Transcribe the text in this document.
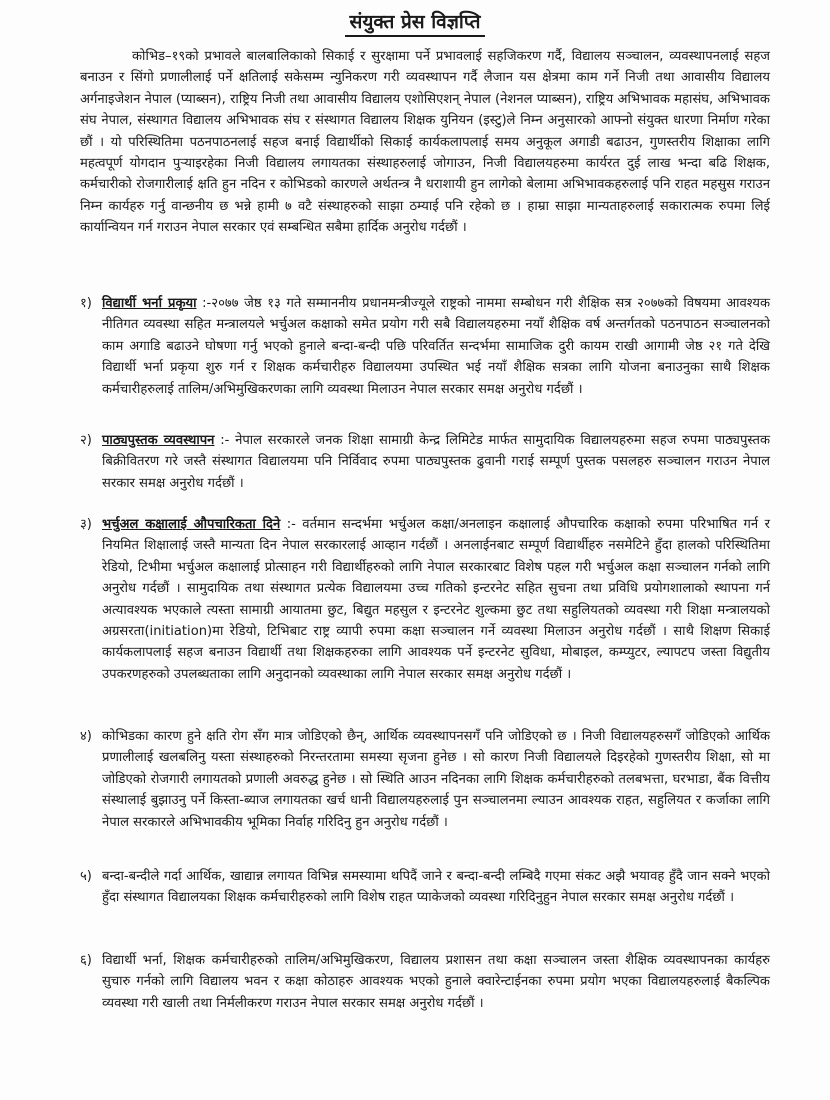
संयुक्त प्रेस विज्ञप्ति

कोभिड–१९को प्रभावले बालबालिकाको सिकाई र सुरक्षामा पर्ने प्रभावलाई सहजिकरण गर्दै, विद्यालय सञ्चालन, व्यवस्थापनलाई सहज बनाउन र सिंगो प्रणालीलाई पर्ने क्षतिलाई सकेसम्म न्युनिकरण गरी व्यवस्थापन गर्दै लैजान यस क्षेत्रमा काम गर्ने निजी तथा आवासीय विद्यालय अर्गनाइजेशन नेपाल (प्याब्सन), राष्ट्रिय निजी तथा आवासीय विद्यालय एशोसिएशन् नेपाल (नेशनल प्याब्सन), राष्ट्रिय अभिभावक महासंघ, अभिभावक संघ नेपाल, संस्थागत विद्यालय अभिभावक संघ र संस्थागत विद्यालय शिक्षक युनियन (इस्टु)ले निम्न अनुसारको आफ्नो संयुक्त धारणा निर्माण गरेका छौं । यो परिस्थितिमा पठनपाठनलाई सहज बनाई विद्यार्थीको सिकाई कार्यकलापलाई समय अनुकूल अगाडी बढाउन, गुणस्तरीय शिक्षाका लागि महत्वपूर्ण योगदान पुऱ्याइरहेका निजी विद्यालय लगायतका संस्थाहरुलाई जोगाउन, निजी विद्यालयहरुमा कार्यरत दुई लाख भन्दा बढि शिक्षक, कर्मचारीको रोजगारीलाई क्षति हुन नदिन र कोभिडको कारणले अर्थतन्त्र नै धराशायी हुन लागेको बेलामा अभिभावकहरुलाई पनि राहत महसुस गराउन निम्न कार्यहरु गर्नु वान्छनीय छ भन्ने हामी ७ वटै संस्थाहरुको साझा ठम्याई पनि रहेको छ । हाम्रा साझा मान्यताहरुलाई सकारात्मक रुपमा लिई कार्यान्वियन गर्न गराउन नेपाल सरकार एवं सम्बन्धित सबैमा हार्दिक अनुरोध गर्दछौं ।

१) विद्यार्थी भर्ना प्रकृया :-२०७७ जेष्ठ १३ गते सम्माननीय प्रधानमन्त्रीज्यूले राष्ट्रको नाममा सम्बोधन गरी शैक्षिक सत्र २०७७को विषयमा आवश्यक नीतिगत व्यवस्था सहित मन्त्रालयले भर्चुअल कक्षाको समेत प्रयोग गरी सबै विद्यालयहरुमा नयाँ शैक्षिक वर्ष अन्तर्गतको पठनपाठन सञ्चालनको काम अगाडि बढाउने घोषणा गर्नु भएको हुनाले बन्दा-बन्दी पछि परिवर्तित सन्दर्भमा सामाजिक दुरी कायम राखी आगामी जेष्ठ २१ गते देखि विद्यार्थी भर्ना प्रकृया शुरु गर्न र शिक्षक कर्मचारीहरु विद्यालयमा उपस्थित भई नयाँ शैक्षिक सत्रका लागि योजना बनाउनुका साथै शिक्षक कर्मचारीहरुलाई तालिम/अभिमुखिकरणका लागि व्यवस्था मिलाउन नेपाल सरकार समक्ष अनुरोध गर्दछौं ।
२) पाठ्यपुस्तक व्यवस्थापन :- नेपाल सरकारले जनक शिक्षा सामाग्री केन्द्र लिमिटेड मार्फत सामुदायिक विद्यालयहरुमा सहज रुपमा पाठ्यपुस्तक बिक्रीवितरण गरे जस्तै संस्थागत विद्यालयमा पनि निर्विवाद रुपमा पाठ्यपुस्तक ढुवानी गराई सम्पूर्ण पुस्तक पसलहरु सञ्चालन गराउन नेपाल सरकार समक्ष अनुरोध गर्दछौं ।
३) भर्चुअल कक्षालाई औपचारिकता दिने :- वर्तमान सन्दर्भमा भर्चुअल कक्षा/अनलाइन कक्षालाई औपचारिक कक्षाको रुपमा परिभाषित गर्न र नियमित शिक्षालाई जस्तै मान्यता दिन नेपाल सरकारलाई आव्हान गर्दछौं । अनलाईनबाट सम्पूर्ण विद्यार्थीहरु नसमेटिने हुँदा हालको परिस्थितिमा रेडियो, टिभीमा भर्चुअल कक्षालाई प्रोत्साहन गरी विद्यार्थीहरुको लागि नेपाल सरकारबाट विशेष पहल गरी भर्चुअल कक्षा सञ्चालन गर्नको लागि अनुरोध गर्दछौं । सामुदायिक तथा संस्थागत प्रत्येक विद्यालयमा उच्च गतिको इन्टरनेट सहित सुचना तथा प्रविधि प्रयोगशालाको स्थापना गर्न अत्यावश्यक भएकाले त्यस्ता सामाग्री आयातमा छुट, बिद्युत महसुल र इन्टरनेट शुल्कमा छुट तथा सहुलियतको व्यवस्था गरी शिक्षा मन्त्रालयको अग्रसरता(initiation)मा रेडियो, टिभिबाट राष्ट्र व्यापी रुपमा कक्षा सञ्चालन गर्ने व्यवस्था मिलाउन अनुरोध गर्दछौं । साथै शिक्षण सिकाई कार्यकलापलाई सहज बनाउन विद्यार्थी तथा शिक्षकहरुका लागि आवश्यक पर्ने इन्टरनेट सुविधा, मोबाइल, कम्प्युटर, ल्यापटप जस्ता विद्युतीय उपकरणहरुको उपलब्धताका लागि अनुदानको व्यवस्थाका लागि नेपाल सरकार समक्ष अनुरोध गर्दछौं ।
४) कोभिडका कारण हुने क्षति रोग सँग मात्र जोडिएको छैन्, आर्थिक व्यवस्थापनसगँ पनि जोडिएको छ । निजी विद्यालयहरुसगँ जोडिएको आर्थिक प्रणालीलाई खलबलिनु यस्ता संस्थाहरुको निरन्तरतामा समस्या सृजना हुनेछ । सो कारण निजी विद्यालयले दिइरहेको गुणस्तरीय शिक्षा, सो मा जोडिएको रोजगारी लगायतको प्रणाली अवरुद्ध हुनेछ । सो स्थिति आउन नदिनका लागि शिक्षक कर्मचारीहरुको तलबभत्ता, घरभाडा, बैंक वित्तीय संस्थालाई बुझाउनु पर्ने किस्ता-ब्याज लगायतका खर्च धानी विद्यालयहरुलाई पुन सञ्चालनमा ल्याउन आवश्यक राहत, सहुलियत र कर्जाका लागि नेपाल सरकारले अभिभावकीय भूमिका निर्वाह गरिदिनु हुन अनुरोध गर्दछौं ।
५) बन्दा-बन्दीले गर्दा आर्थिक, खाद्यान्न लगायत विभिन्न समस्यामा थपिदैं जाने र बन्दा-बन्दी लम्बिदै गएमा संकट अझै भयावह हुँदै जान सक्ने भएको हुँदा संस्थागत विद्यालयका शिक्षक कर्मचारीहरुको लागि विशेष राहत प्याकेजको व्यवस्था गरिदिनुहुन नेपाल सरकार समक्ष अनुरोध गर्दछौं ।
६) विद्यार्थी भर्ना, शिक्षक कर्मचारीहरुको तालिम/अभिमुखिकरण, विद्यालय प्रशासन तथा कक्षा सञ्चालन जस्ता शैक्षिक व्यवस्थापनका कार्यहरु सुचारु गर्नको लागि विद्यालय भवन र कक्षा कोठाहरु आवश्यक भएको हुनाले क्वारेन्टाईनका रुपमा प्रयोग भएका विद्यालयहरुलाई बैकल्पिक व्यवस्था गरी खाली तथा निर्मलीकरण गराउन नेपाल सरकार समक्ष अनुरोध गर्दछौं ।
